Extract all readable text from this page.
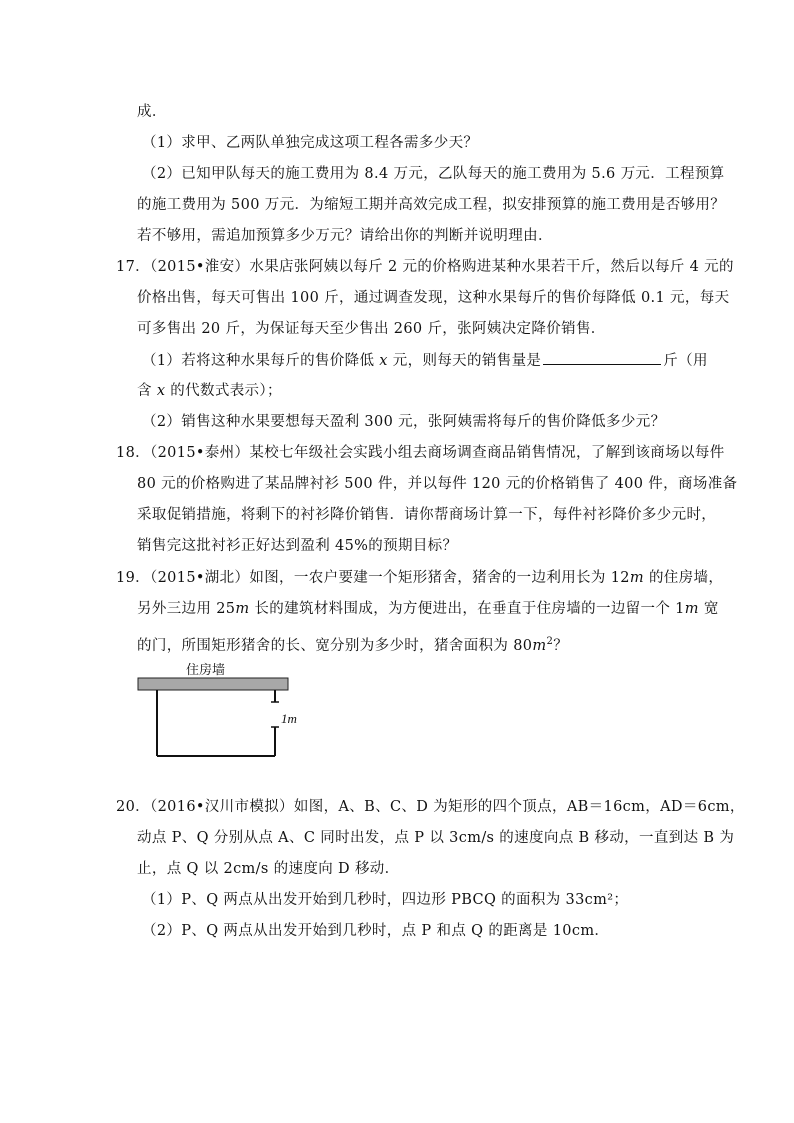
成．
（1）求甲、乙两队单独完成这项工程各需多少天？
（2）已知甲队每天的施工费用为 8.4 万元，乙队每天的施工费用为 5.6 万元．工程预算
的施工费用为 500 万元．为缩短工期并高效完成工程，拟安排预算的施工费用是否够用？
若不够用，需追加预算多少万元？请给出你的判断并说明理由．
17．（2015•淮安）水果店张阿姨以每斤 2 元的价格购进某种水果若干斤，然后以每斤 4 元的
价格出售，每天可售出 100 斤，通过调查发现，这种水果每斤的售价每降低 0.1 元，每天
可多售出 20 斤，为保证每天至少售出 260 斤，张阿姨决定降价销售．
（1）若将这种水果每斤的售价降低 x 元，则每天的销售量是	斤（用
含 x 的代数式表示）；
（2）销售这种水果要想每天盈利 300 元，张阿姨需将每斤的售价降低多少元？
18．（2015•泰州）某校七年级社会实践小组去商场调查商品销售情况，了解到该商场以每件
80 元的价格购进了某品牌衬衫 500 件，并以每件 120 元的价格销售了 400 件，商场准备
采取促销措施，将剩下的衬衫降价销售．请你帮商场计算一下，每件衬衫降价多少元时，
销售完这批衬衫正好达到盈利 45%的预期目标？
19．（2015•湖北）如图，一农户要建一个矩形猪舍，猪舍的一边利用长为 12m 的住房墙，
另外三边用 25m 长的建筑材料围成，为方便进出，在垂直于住房墙的一边留一个 1m 宽
的门，所围矩形猪舍的长、宽分别为多少时，猪舍面积为 $80m^2$？
住房墙
1m
20．（2016•汉川市模拟）如图，A、B、C、D 为矩形的四个顶点，AB＝16cm，AD＝6cm，
动点 P、Q 分别从点 A、C 同时出发，点 P 以 3cm/s 的速度向点 B 移动，一直到达 B 为
止，点 Q 以 2cm/s 的速度向 D 移动．
（1）P、Q 两点从出发开始到几秒时，四边形 PBCQ 的面积为 33cm²；
（2）P、Q 两点从出发开始到几秒时，点 P 和点 Q 的距离是 10cm．
